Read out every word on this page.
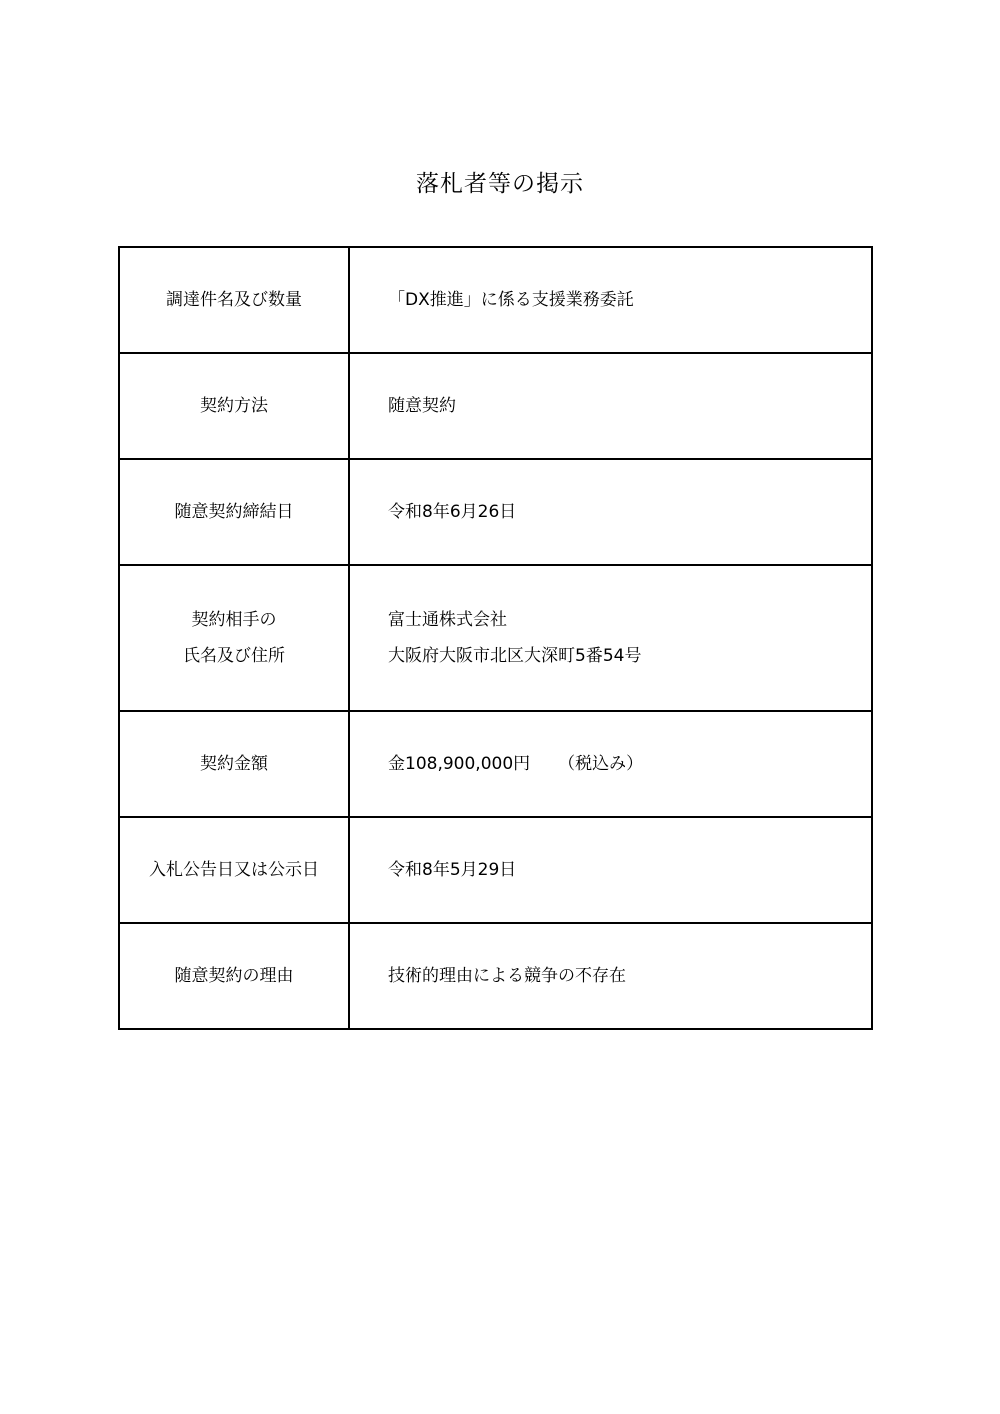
落札者等の掲示
調達件名及び数量	「DX推進」に係る支援業務委託
契約方法	随意契約
随意契約締結日	令和8年6月26日

契約相手の
氏名及び住所	富士通株式会社
大阪府大阪市北区大深町5番54号

契約金額	金108,900,000円 （税込み）
入札公告日又は公示日	令和8年5月29日
随意契約の理由	技術的理由による競争の不存在
